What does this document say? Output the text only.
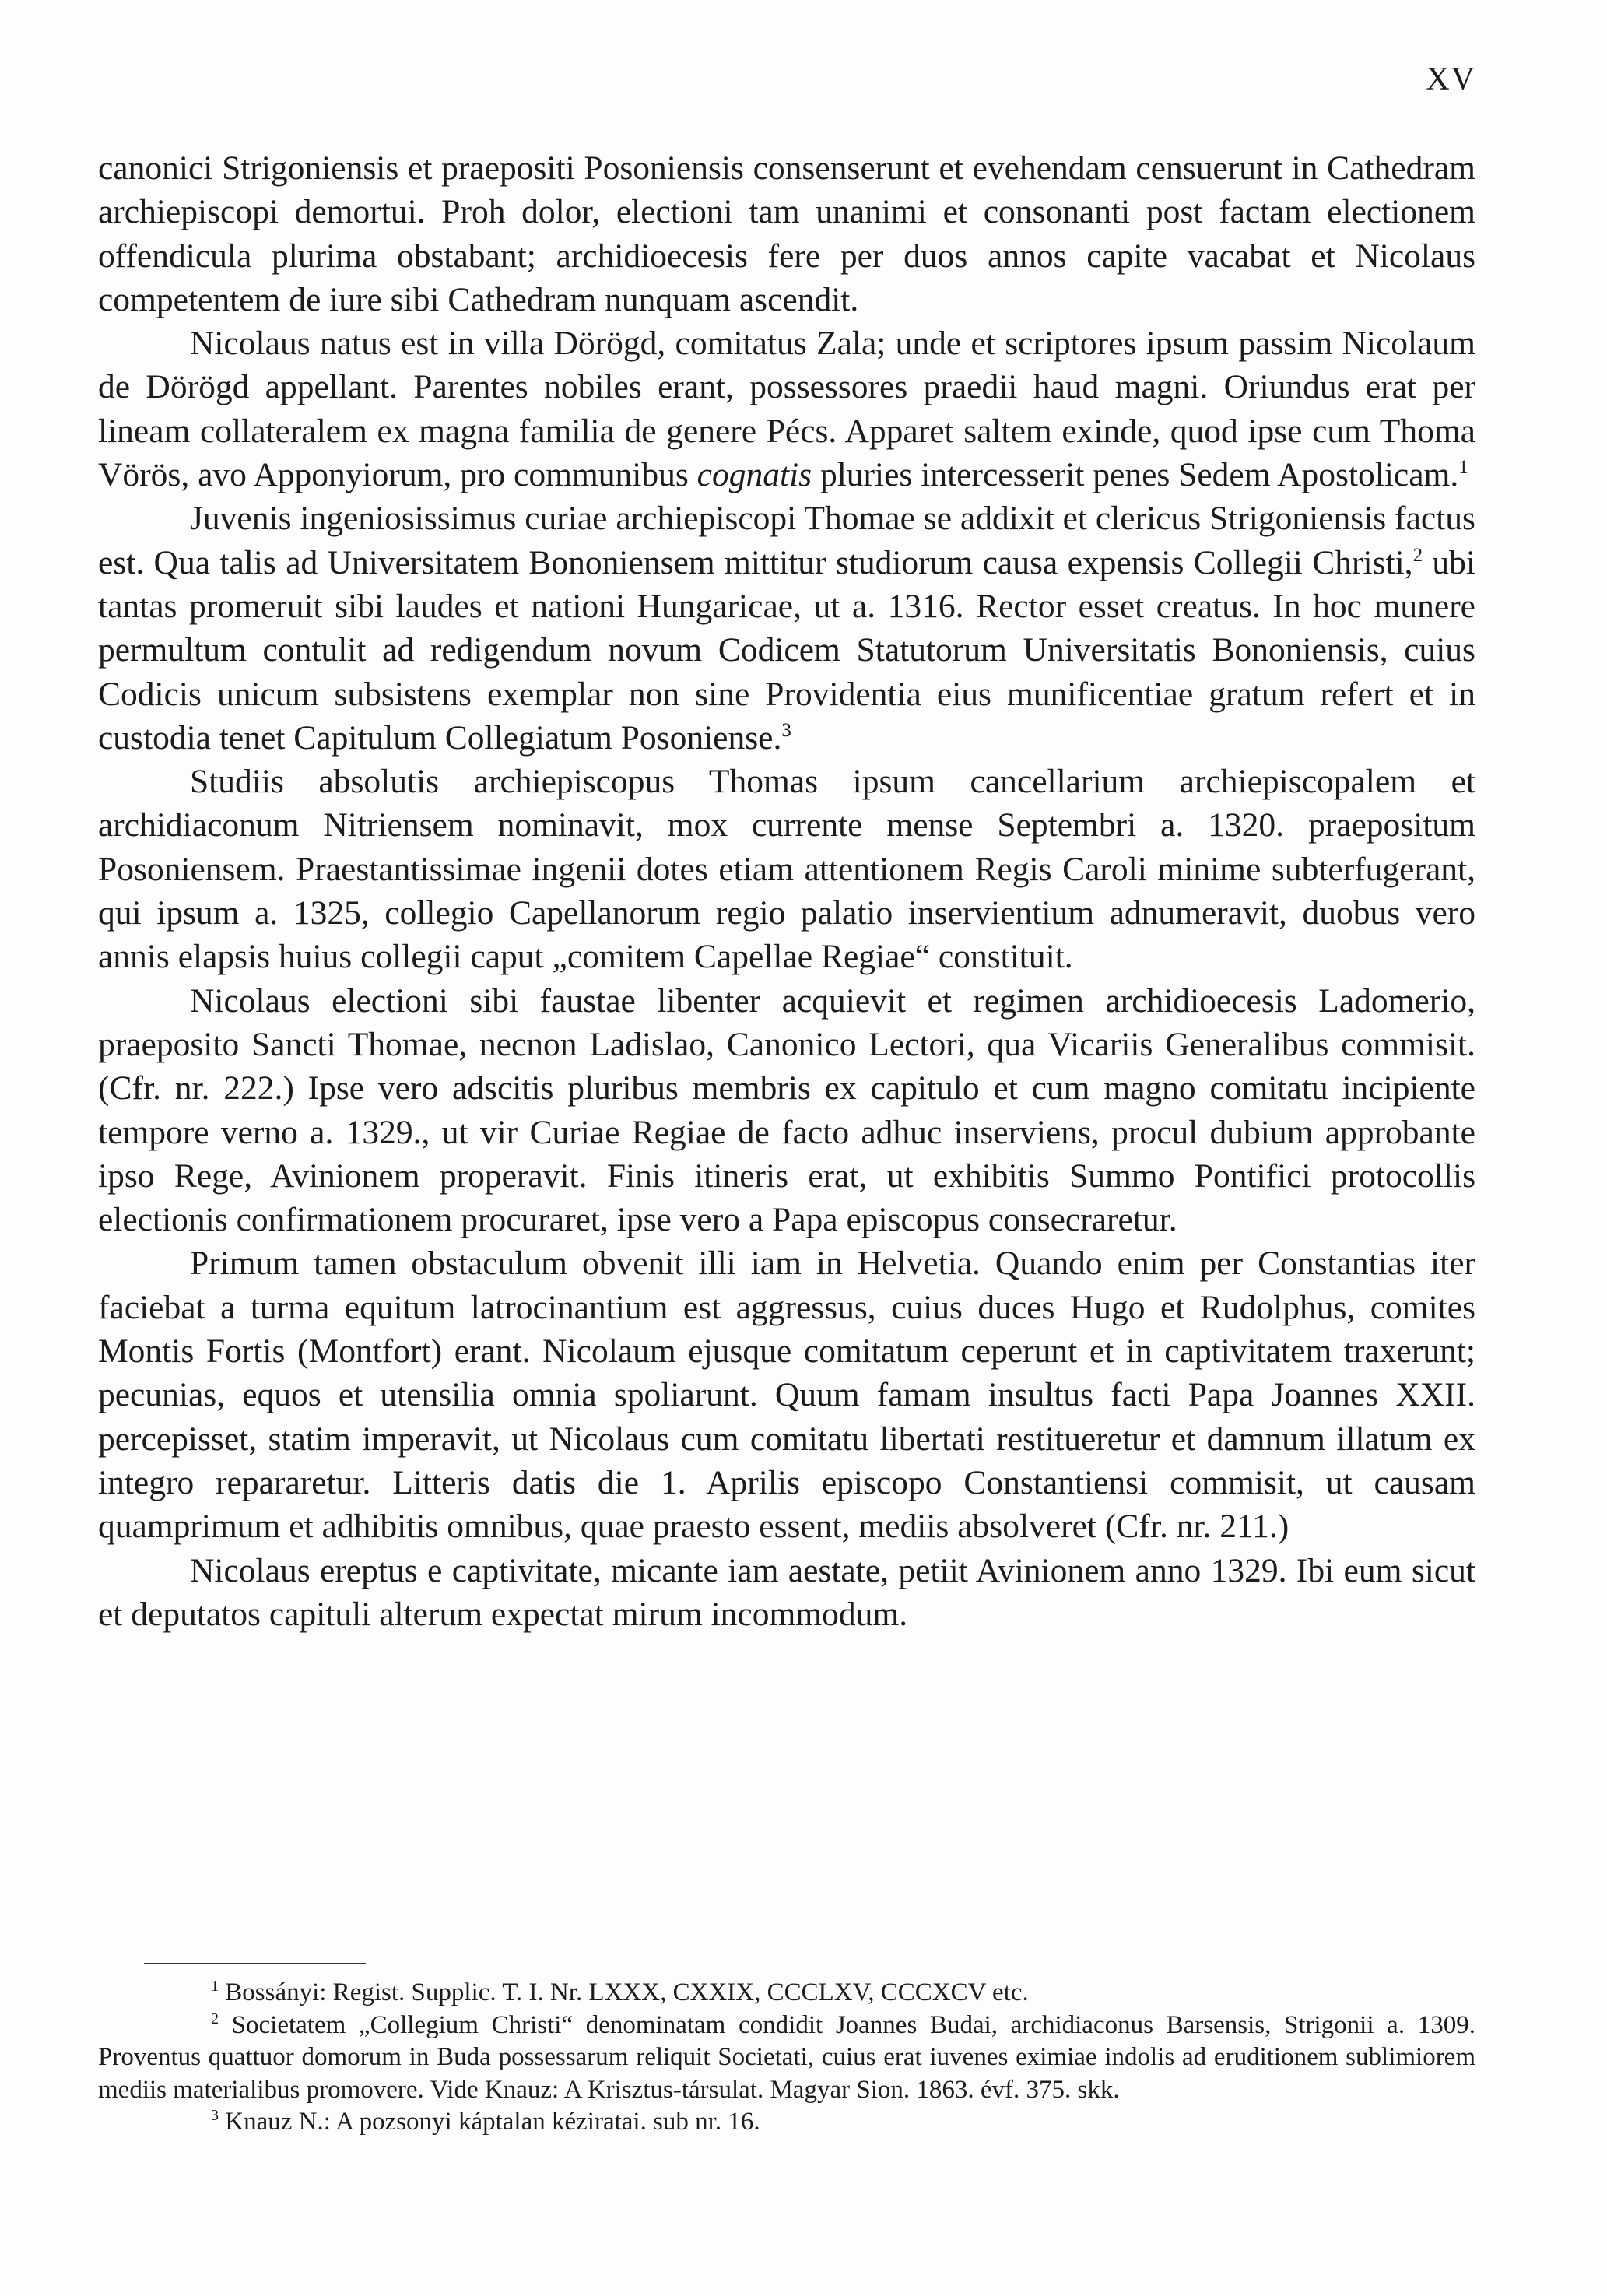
XV

canonici Strigoniensis et praepositi Posoniensis consenserunt et evehendam censuerunt in Cathedram archiepiscopi demortui. Proh dolor, electioni tam unanimi et consonanti post factam electionem offendicula plurima obstabant; archidioecesis fere per duos annos capite vacabat et Nicolaus competentem de iure sibi Cathedram nunquam ascendit.

Nicolaus natus est in villa Dörögd, comitatus Zala; unde et scriptores ipsum passim Nicolaum de Dörögd appellant. Parentes nobiles erant, possessores praedii haud magni. Oriundus erat per lineam collateralem ex magna familia de genere Pécs. Apparet saltem exinde, quod ipse cum Thoma Vörös, avo Apponyiorum, pro communibus cognatis pluries intercesserit penes Sedem Apostolicam.$^1$

Juvenis ingeniosissimus curiae archiepiscopi Thomae se addixit et clericus Strigoniensis factus est. Qua talis ad Universitatem Bononiensem mittitur studiorum causa expensis Collegii Christi,$^2$ ubi tantas promeruit sibi laudes et nationi Hungaricae, ut a. 1316. Rector esset creatus. In hoc munere permultum contulit ad redigendum novum Codicem Statutorum Universitatis Bononiensis, cuius Codicis unicum subsistens exemplar non sine Providentia eius munificentiae gratum refert et in custodia tenet Capitulum Collegiatum Posoniense.$^3$

Studiis absolutis archiepiscopus Thomas ipsum cancellarium archiepiscopalem et archidiaconum Nitriensem nominavit, mox currente mense Septembri a. 1320. praepositum Posoniensem. Praestantissimae ingenii dotes etiam attentionem Regis Caroli minime subterfugerant, qui ipsum a. 1325, collegio Capellanorum regio palatio inservientium adnumeravit, duobus vero annis elapsis huius collegii caput „comitem Capellae Regiae“ constituit.

Nicolaus electioni sibi faustae libenter acquievit et regimen archidioecesis Ladomerio, praeposito Sancti Thomae, necnon Ladislao, Canonico Lectori, qua Vicariis Generalibus commisit. (Cfr. nr. 222.) Ipse vero adscitis pluribus membris ex capitulo et cum magno comitatu incipiente tempore verno a. 1329., ut vir Curiae Regiae de facto adhuc inserviens, procul dubium approbante ipso Rege, Avinionem properavit. Finis itineris erat, ut exhibitis Summo Pontifici protocollis electionis confirmationem procuraret, ipse vero a Papa episcopus consecraretur.

Primum tamen obstaculum obvenit illi iam in Helvetia. Quando enim per Constantias iter faciebat a turma equitum latrocinantium est aggressus, cuius duces Hugo et Rudolphus, comites Montis Fortis (Montfort) erant. Nicolaum ejusque comitatum ceperunt et in captivitatem traxerunt; pecunias, equos et utensilia omnia spoliarunt. Quum famam insultus facti Papa Joannes XXII. percepisset, statim imperavit, ut Nicolaus cum comitatu libertati restitueretur et damnum illatum ex integro repararetur. Litteris datis die 1. Aprilis episcopo Constantiensi commisit, ut causam quamprimum et adhibitis omnibus, quae praesto essent, mediis absolveret (Cfr. nr. 211.)

Nicolaus ereptus e captivitate, micante iam aestate, petiit Avinionem anno 1329. Ibi eum sicut et deputatos capituli alterum expectat mirum incommodum.

$^1$ Bossányi: Regist. Supplic. T. I. Nr. LXXX, CXXIX, CCCLXV, CCCXCV etc.

$^2$ Societatem „Collegium Christi“ denominatam condidit Joannes Budai, archidiaconus Barsensis, Strigonii a. 1309. Proventus quattuor domorum in Buda possessarum reliquit Societati, cuius erat iuvenes eximiae indolis ad eruditionem sublimiorem mediis materialibus promovere. Vide Knauz: A Krisztus-társulat. Magyar Sion. 1863. évf. 375. skk.

$^3$ Knauz N.: A pozsonyi káptalan kéziratai. sub nr. 16.
